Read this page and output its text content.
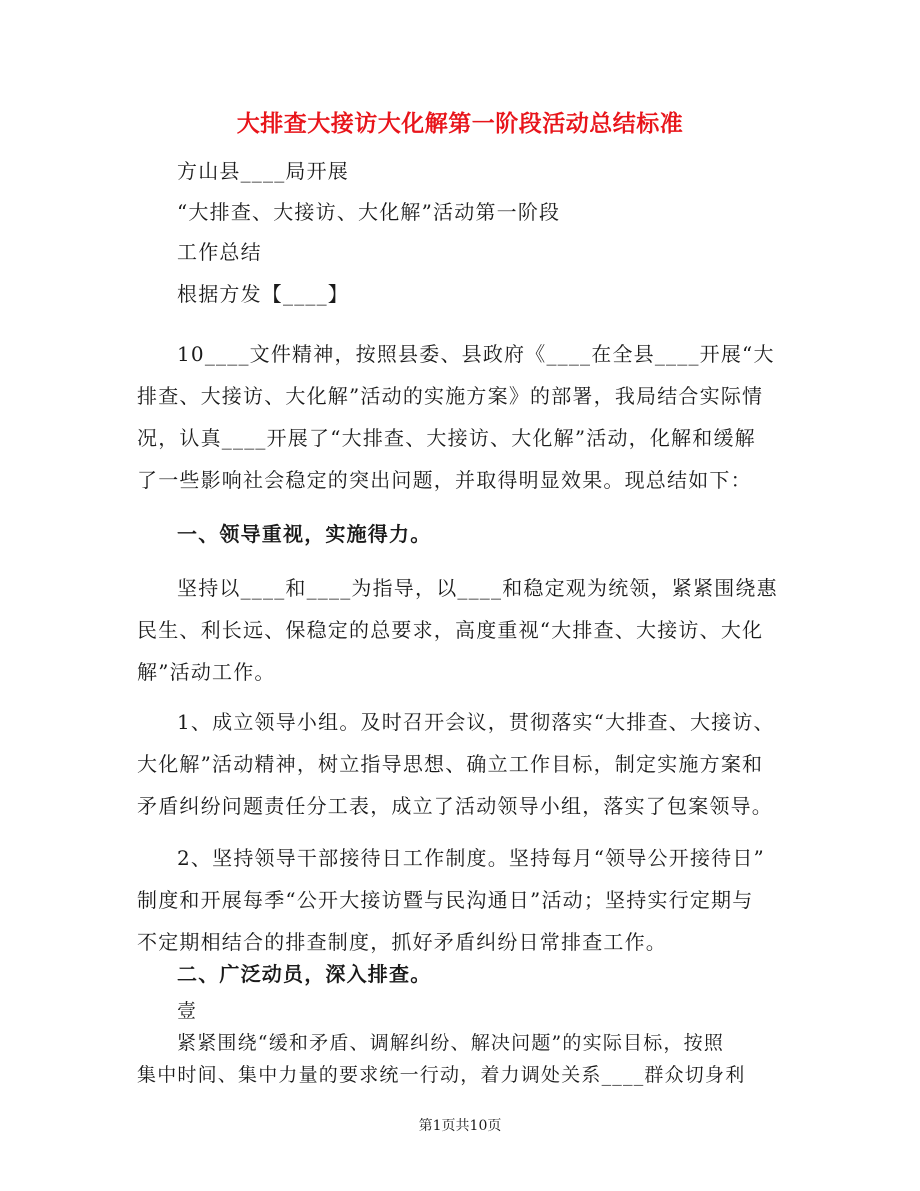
大排查大接访大化解第一阶段活动总结标准
第1页共10页
方山县____局开展
“大排查、大接访、大化解”活动第一阶段
工作总结
根据方发【____】
10____文件精神，按照县委、县政府《____在全县____开展“大
排查、大接访、大化解”活动的实施方案》的部署，我局结合实际情
况，认真____开展了“大排查、大接访、大化解”活动，化解和缓解
了一些影响社会稳定的突出问题，并取得明显效果。现总结如下：
一、领导重视，实施得力。
坚持以____和____为指导，以____和稳定观为统领，紧紧围绕惠
民生、利长远、保稳定的总要求，高度重视“大排查、大接访、大化
解”活动工作。
1、成立领导小组。及时召开会议，贯彻落实“大排查、大接访、
大化解”活动精神，树立指导思想、确立工作目标，制定实施方案和
矛盾纠纷问题责任分工表，成立了活动领导小组，落实了包案领导。
2、坚持领导干部接待日工作制度。坚持每月“领导公开接待日”
制度和开展每季“公开大接访暨与民沟通日”活动；坚持实行定期与
不定期相结合的排查制度，抓好矛盾纠纷日常排查工作。
二、广泛动员，深入排查。
壹
紧紧围绕“缓和矛盾、调解纠纷、解决问题”的实际目标，按照
集中时间、集中力量的要求统一行动，着力调处关系____群众切身利
